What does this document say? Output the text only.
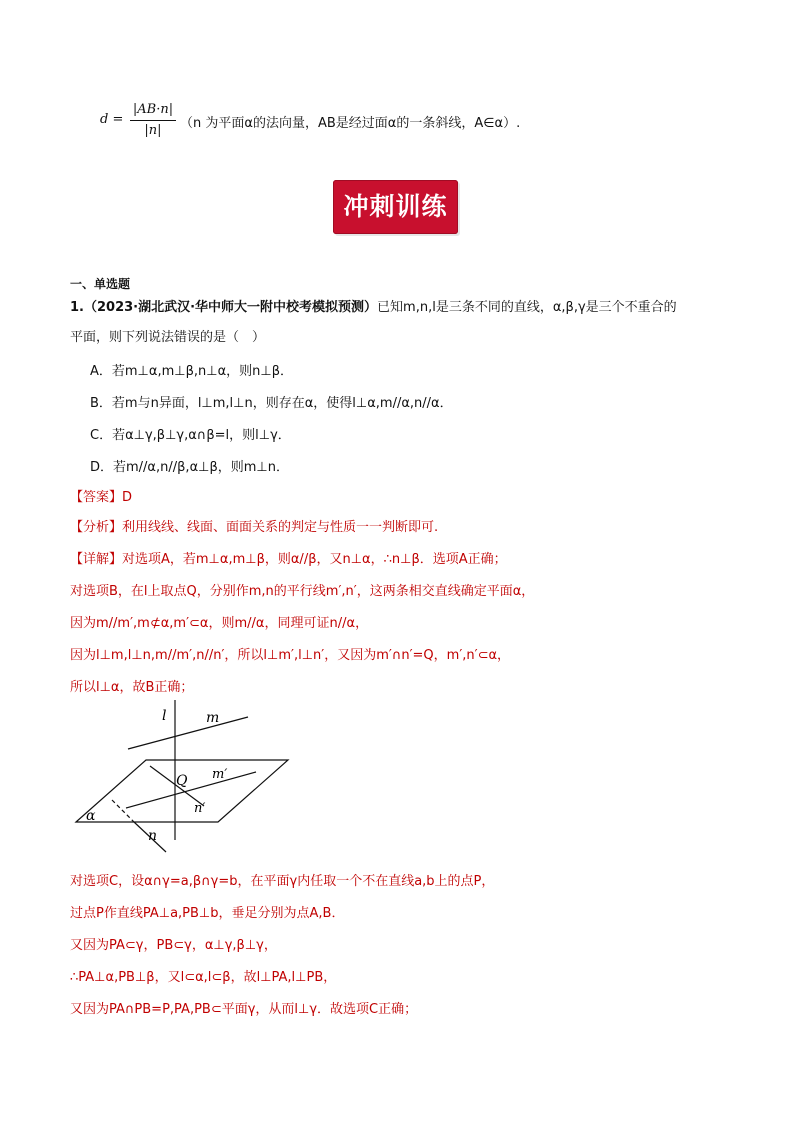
d =
|AB·n|
|n|	（n 为平面α的法向量，AB是经过面α的一条斜线，A∈α）.
冲刺训练
一、单选题
1.（2023·湖北武汉·华中师大一附中校考模拟预测）已知m,n,l是三条不同的直线，α,β,γ是三个不重合的
平面，则下列说法错误的是（　）
A．若m⊥α,m⊥β,n⊥α，则n⊥β．
B．若m与n异面，l⊥m,l⊥n，则存在α，使得l⊥α,m//α,n//α．
C．若α⊥γ,β⊥γ,α∩β=l，则l⊥γ．
D．若m//α,n//β,α⊥β，则m⊥n．
【答案】D
【分析】利用线线、线面、面面关系的判定与性质一一判断即可.
【详解】对选项A，若m⊥α,m⊥β，则α//β，又n⊥α，∴n⊥β．选项A正确；
对选项B，在l上取点Q，分别作m,n的平行线m′,n′，这两条相交直线确定平面α，
因为m//m′,m⊄α,m′⊂α，则m//α，同理可证n//α，
因为l⊥m,l⊥n,m//m′,n//n′，所以l⊥m′,l⊥n′，又因为m′∩n′=Q，m′,n′⊂α，
所以l⊥α，故B正确；
l	m
Q m′
n′
α
n
对选项C，设α∩γ=a,β∩γ=b，在平面γ内任取一个不在直线a,b上的点P，
过点P作直线PA⊥a,PB⊥b，垂足分别为点A,B．
又因为PA⊂γ，PB⊂γ，α⊥γ,β⊥γ，
∴PA⊥α,PB⊥β，又l⊂α,l⊂β，故l⊥PA,l⊥PB，
又因为PA∩PB=P,PA,PB⊂平面γ，从而l⊥γ．故选项C正确；
